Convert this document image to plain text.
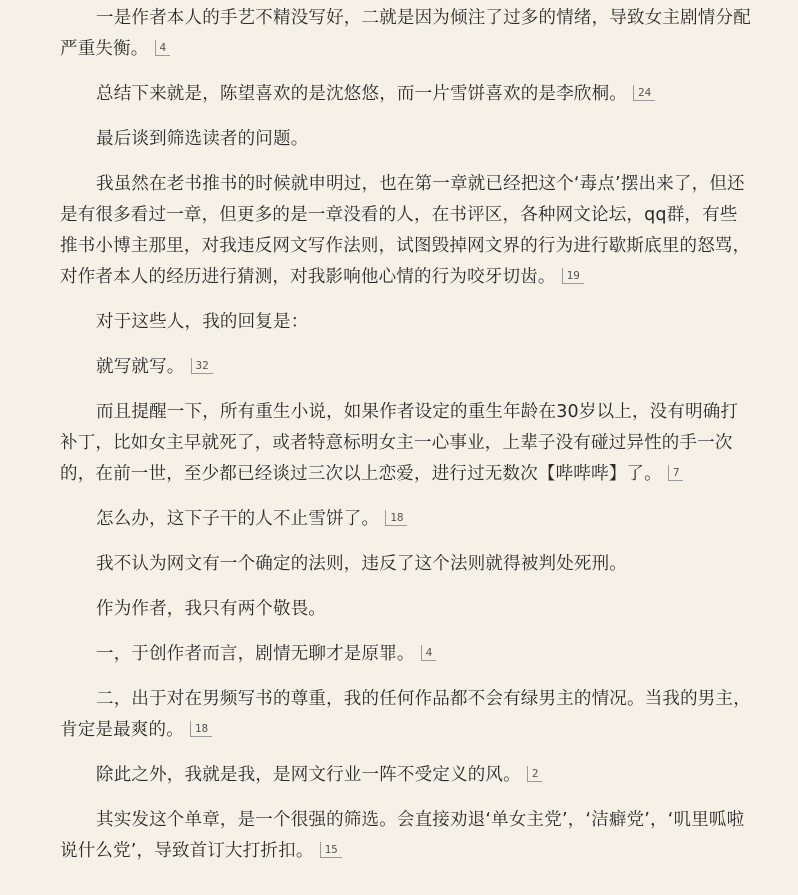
一是作者本人的手艺不精没写好，二就是因为倾注了过多的情绪，导致女主剧情分配严重失衡。 4

总结下来就是，陈望喜欢的是沈悠悠，而一片雪饼喜欢的是李欣桐。 24

最后谈到筛选读者的问题。

我虽然在老书推书的时候就申明过，也在第一章就已经把这个‘毒点’摆出来了，但还是有很多看过一章，但更多的是一章没看的人，在书评区，各种网文论坛，qq群，有些推书小博主那里，对我违反网文写作法则，试图毁掉网文界的行为进行歇斯底里的怒骂，对作者本人的经历进行猜测，对我影响他心情的行为咬牙切齿。 19

对于这些人，我的回复是：

就写就写。 32

而且提醒一下，所有重生小说，如果作者设定的重生年龄在30岁以上，没有明确打补丁，比如女主早就死了，或者特意标明女主一心事业，上辈子没有碰过异性的手一次的，在前一世，至少都已经谈过三次以上恋爱，进行过无数次【哔哔哔】了。 7

怎么办，这下子干的人不止雪饼了。 18

我不认为网文有一个确定的法则，违反了这个法则就得被判处死刑。

作为作者，我只有两个敬畏。

一，于创作者而言，剧情无聊才是原罪。 4

二，出于对在男频写书的尊重，我的任何作品都不会有绿男主的情况。当我的男主，肯定是最爽的。 18

除此之外，我就是我，是网文行业一阵不受定义的风。 2

其实发这个单章，是一个很强的筛选。会直接劝退‘单女主党’，‘洁癖党’，‘叽里呱啦说什么党’，导致首订大打折扣。 15
